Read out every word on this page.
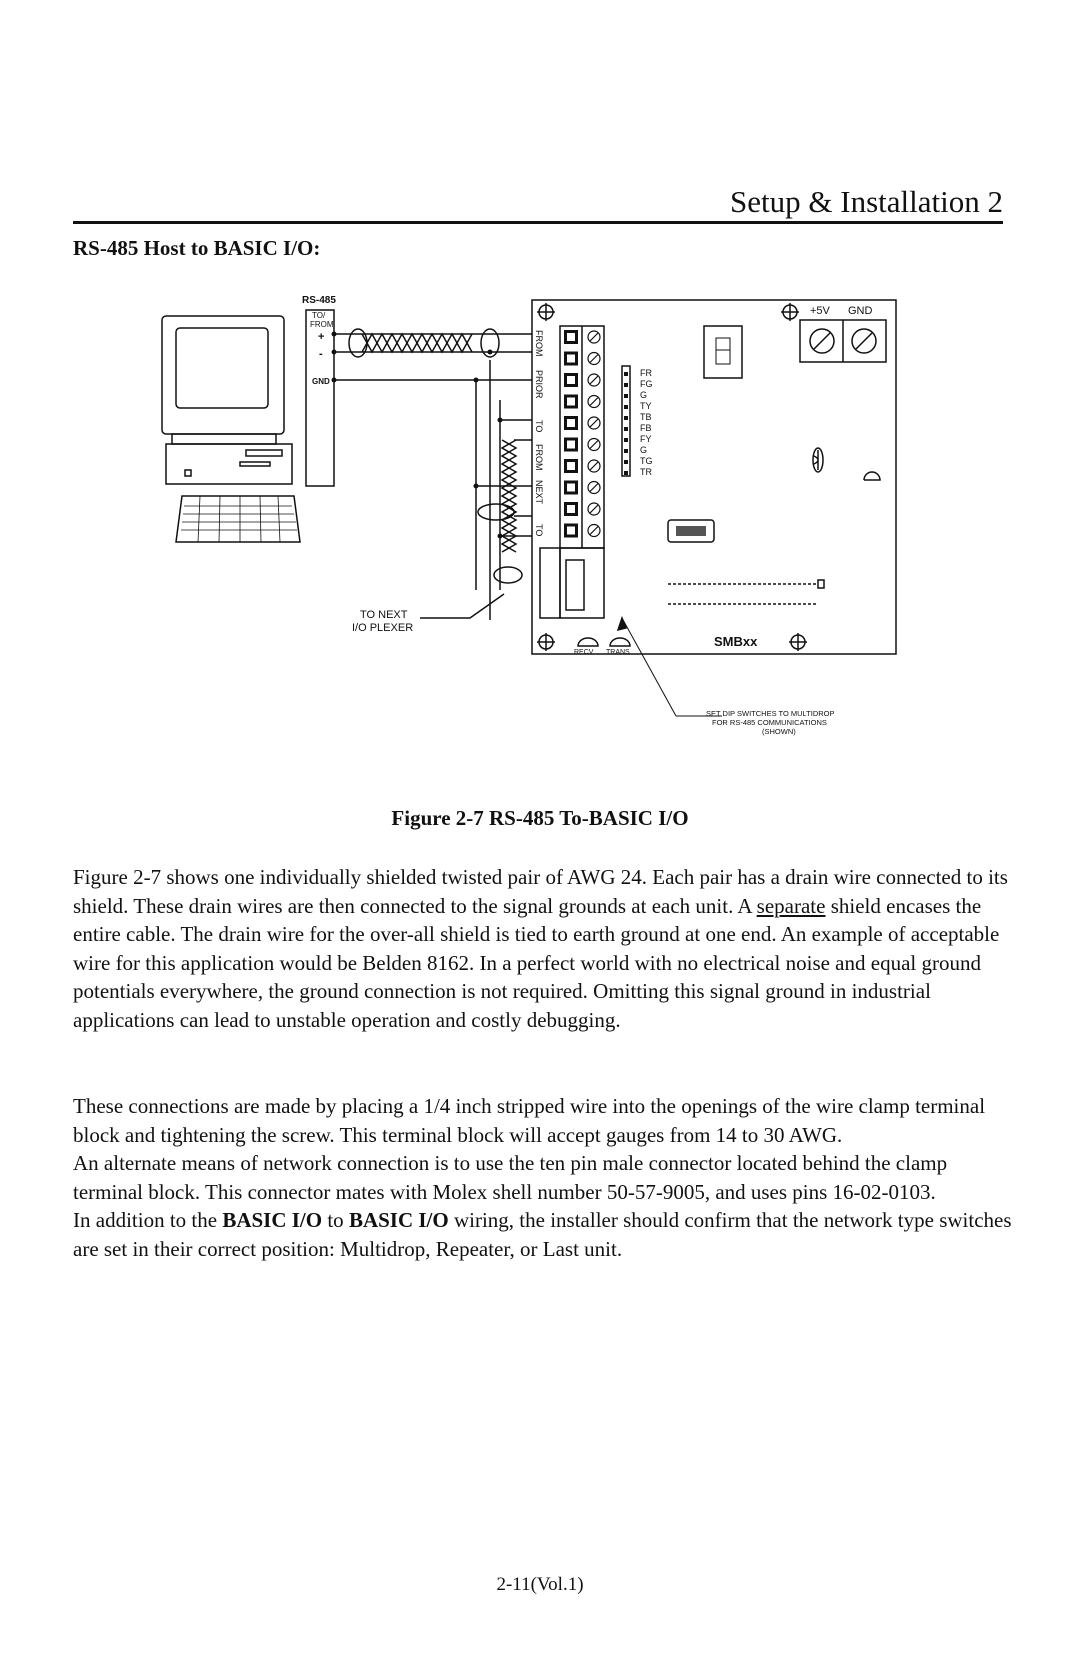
Setup & Installation 2
RS-485 Host to BASIC I/O:
FR
FG
G
TY
TB
FB
FY
G
TG
TR
RS-485
TO/
FROM
+
-
GND
TO NEXT
I/O PLEXER
+5V GND
SMBxx
RECV TRANS
FROM
PRIOR
TO
FROM
NEXT
TO
SET DIP SWITCHES TO MULTIDROP
FOR RS-485 COMMUNICATIONS
(SHOWN)
Figure 2-7 RS-485 To-BASIC I/O
Figure 2-7 shows one individually shielded twisted pair of AWG 24. Each pair has a drain wire connected to its shield. These drain wires are then connected to the signal grounds at each unit. A separate shield encases the entire cable. The drain wire for the over-all shield is tied to earth ground at one end. An example of acceptable wire for this application would be Belden 8162. In a perfect world with no electrical noise and equal ground potentials everywhere, the ground connection is not required. Omitting this signal ground in industrial applications can lead to unstable operation and costly debugging.

These connections are made by placing a 1/4 inch stripped wire into the openings of the wire clamp terminal block and tightening the screw. This terminal block will accept gauges from 14 to 30 AWG.

An alternate means of network connection is to use the ten pin male connector located behind the clamp terminal block. This connector mates with Molex shell number 50-57-9005, and uses pins 16-02-0103.

In addition to the BASIC I/O to BASIC I/O wiring, the installer should confirm that the network type switches are set in their correct position: Multidrop, Repeater, or Last unit.

2-11(Vol.1)
